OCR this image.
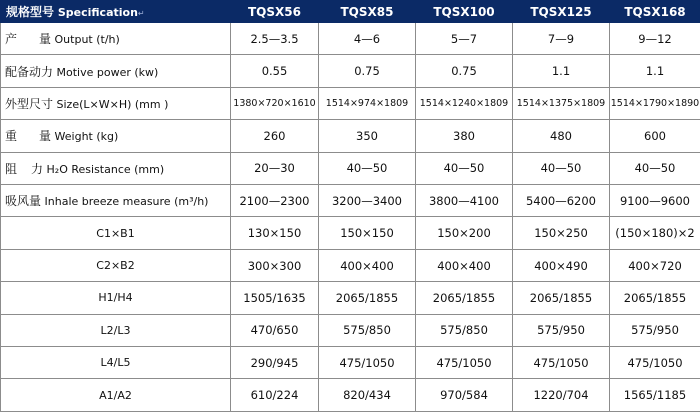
规格型号 Specification↵	TQSX56	TQSX85	TQSX100	TQSX125	TQSX168
产 量 Output (t/h)	2.5—3.5	4—6	5—7	7—9	9—12
配备动力 Motive power (kw)	0.55	0.75	0.75	1.1	1.1
外型尺寸 Size(L×W×H) (mm )	1380×720×1610	1514×974×1809	1514×1240×1809	1514×1375×1809	1514×1790×1890
重 量 Weight (kg)	260	350	380	480	600
阻 力 H₂O Resistance (mm)	20—30	40—50	40—50	40—50	40—50
吸风量 Inhale breeze measure (m³/h)	2100—2300	3200—3400	3800—4100	5400—6200	9100—9600
C1×B1	130×150	150×150	150×200	150×250	(150×180)×2
C2×B2	300×300	400×400	400×400	400×490	400×720
H1/H4	1505/1635	2065/1855	2065/1855	2065/1855	2065/1855
L2/L3	470/650	575/850	575/850	575/950	575/950
L4/L5	290/945	475/1050	475/1050	475/1050	475/1050
A1/A2	610/224	820/434	970/584	1220/704	1565/1185
